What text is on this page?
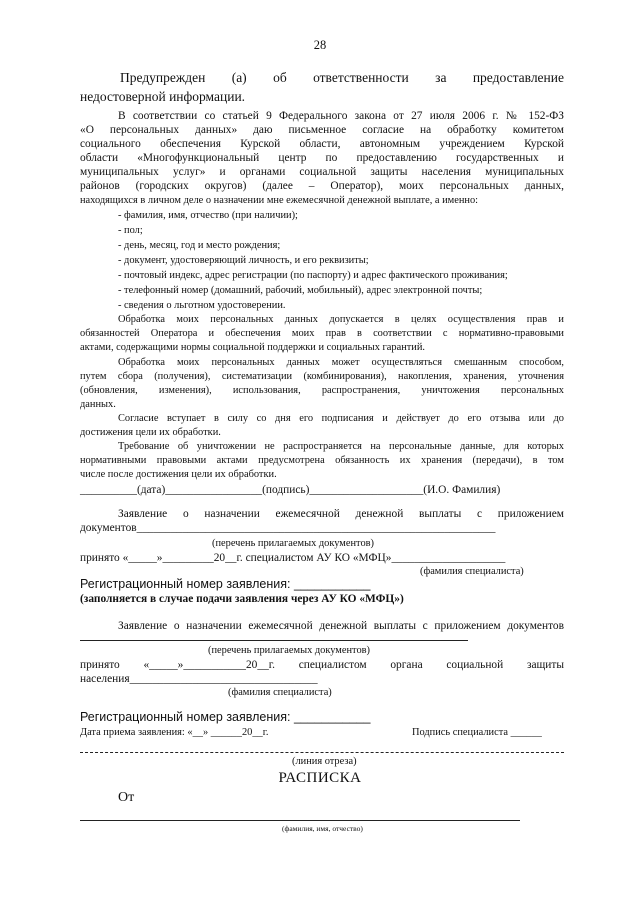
28
Предупрежден (а) об ответственности за предоставление
недостоверной информации.
В соответствии со статьей 9 Федерального закона от 27 июля 2006 г. № 152-ФЗ
«О персональных данных» даю письменное согласие на обработку комитетом
социального обеспечения Курской области, автономным учреждением Курской
области «Многофункциональный центр по предоставлению государственных и
муниципальных услуг» и органами социальной защиты населения муниципальных
районов (городских округов) (далее – Оператор), моих персональных данных,
находящихся в личном деле о назначении мне ежемесячной денежной выплате, а именно:
- фамилия, имя, отчество (при наличии);
- пол;
- день, месяц, год и место рождения;
- документ, удостоверяющий личность, и его реквизиты;
- почтовый индекс, адрес регистрации (по паспорту) и адрес фактического проживания;
- телефонный номер (домашний, рабочий, мобильный), адрес электронной почты;
- сведения о льготном удостоверении.
Обработка моих персональных данных допускается в целях осуществления прав и
обязанностей Оператора и обеспечения моих прав в соответствии с нормативно-правовыми
актами, содержащими нормы социальной поддержки и социальных гарантий.
Обработка моих персональных данных может осуществляться смешанным способом,
путем сбора (получения), систематизации (комбинирования), накопления, хранения, уточнения
(обновления, изменения), использования, распространения, уничтожения персональных
данных.
Согласие вступает в силу со дня его подписания и действует до его отзыва или до
достижения цели их обработки.
Требование об уничтожении не распространяется на персональные данные, для которых
нормативными правовыми актами предусмотрена обязанность их хранения (передачи), в том
числе после достижения цели их обработки.
__________(дата)_________________(подпись)____________________(И.О. Фамилия)
Заявление о назначении ежемесячной денежной выплаты с приложением
документов_______________________________________________________________
(перечень прилагаемых документов)
принято «_____»_________20__г. специалистом АУ КО «МФЦ»____________________
(фамилия специалиста)
Регистрационный номер заявления: ___________
(заполняется в случае подачи заявления через АУ КО «МФЦ»)
Заявление о назначении ежемесячной денежной выплаты с приложением документов
(перечень прилагаемых документов)
принято «_____»___________20__г. специалистом органа социальной защиты
населения_________________________________
(фамилия специалиста)
Регистрационный номер заявления: ___________
Дата приема заявления: «__» ______20__г.	Подпись специалиста ______
(линия отреза)
РАСПИСКА
От
(фамилия, имя, отчество)
